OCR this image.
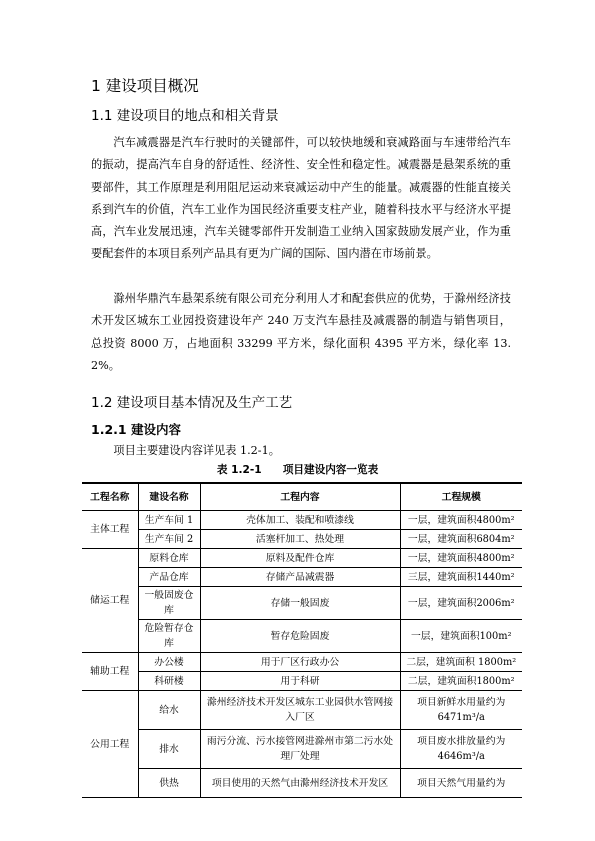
1 建设项目概况
1.1 建设项目的地点和相关背景

汽车减震器是汽车行驶时的关键部件，可以较快地缓和衰减路面与车速带给汽车的振动，提高汽车自身的舒适性、经济性、安全性和稳定性。减震器是悬架系统的重要部件，其工作原理是利用阻尼运动来衰减运动中产生的能量。减震器的性能直接关系到汽车的价值，汽车工业作为国民经济重要支柱产业，随着科技水平与经济水平提高，汽车业发展迅速，汽车关键零部件开发制造工业纳入国家鼓励发展产业，作为重要配套件的本项目系列产品具有更为广阔的国际、国内潜在市场前景。

滁州华鼎汽车悬架系统有限公司充分利用人才和配套供应的优势，于滁州经济技术开发区城东工业园投资建设年产 240 万支汽车悬挂及减震器的制造与销售项目，总投资 8000 万，占地面积 33299 平方米，绿化面积 4395 平方米，绿化率 13.2%。

1.2 建设项目基本情况及生产工艺
1.2.1 建设内容

项目主要建设内容详见表 1.2-1。

表 1.2-1　　项目建设内容一览表
工程名称	建设名称	工程内容	工程规模
主体工程	生产车间 1	壳体加工、装配和喷漆线	一层，建筑面积4800m²
	生产车间 2	活塞杆加工、热处理	一层，建筑面积6804m²
储运工程	原料仓库	原料及配件仓库	一层，建筑面积4800m²
	产品仓库	存储产品减震器	三层，建筑面积1440m²
	一般固废仓库	存储一般固废	一层，建筑面积2006m²
	危险暂存仓库	暂存危险固废	一层，建筑面积100m²
辅助工程	办公楼	用于厂区行政办公	二层，建筑面积 1800m²
	科研楼	用于科研	二层，建筑面积1800m²
公用工程	给水	滁州经济技术开发区城东工业园供水管网接入厂区	项目新鲜水用量约为6471m³/a
	排水	雨污分流、污水接管网进滁州市第二污水处理厂处理	项目废水排放量约为4646m³/a
	供热	项目使用的天然气由滁州经济技术开发区	项目天然气用量约为
